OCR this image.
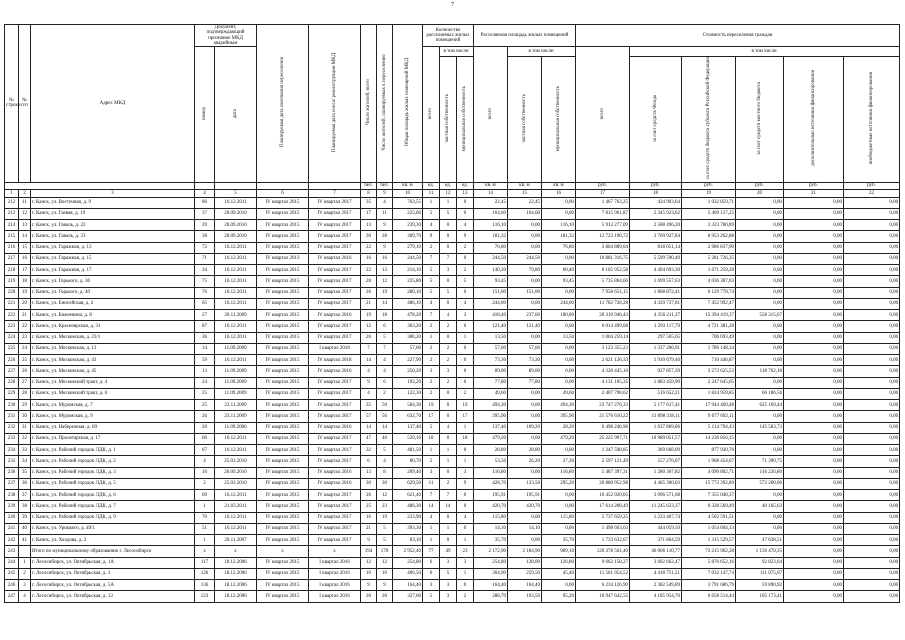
7
№
строки	№ п/п	Адрес МКД	Документ, подтверждающий признание МКД аварийным		Планируемая дата окончания переселения	Планируемая дата сноса/ реконструкции МКД	Число жителей, всего	Число жителей, планируемых к переселению	Общая площадь жилых помещений МКД	Количество расселяемых жилых помещений			Расселяемая площадь жилых помещений			Стоимость переселения граждан					
			номер	дата						всего	в том числе:		всего	в том числе:		всего	в том числе:				
											частная собственность	муниципальная собственность		частная собственность	муниципальная собственность		за счет средств Фонда	за счет средств бюджета субъекта Российской Федерации	за счет средств местного бюджета	дополнительные источники финансирования	внебюджетные источники финансирования
							чел.	чел.	кв. м	ед.	ед.	ед.	кв. м	кв. м	кв. м	руб.	руб.	руб.	руб.	руб.	руб.
1	2	3	4	5	6	7	8	9	10	11	12	13	14	15	16	17	18	19	20	21	22
212	11	г. Канск, ул. Восточная, д. 9	86	16.12.2011	IV квартал 2015	IV квартал 2017	35	4	763,55	1	1	0	22,45	22,45	0,00	1 467 763,25	434 903,64	1 032 859,71	0,00	0,00	0,00
213	12	г. Канск, ул. Гаевая, д. 19	37	20.09.2010	IV квартал 2015	IV квартал 2017	17	11	225,60	5	5	0	164,60	164,60	0,00	7 815 961,87	2 345 923,62	5 469 137,25	0,00	0,00	0,00
214	13	г. Канск, ул. Гаваль, д. 22	39	20.09.2010	IV квартал 2015	IV квартал 2017	13	9	239,30	4	0	4	116,10	0,00	116,10	5 912 277,09	2 588 496,20	3 323 780,89	0,00	0,00	0,00
215	14	г. Канск, ул. Гаваль, д. 33	38	20.09.2010	IV квартал 2015	IV квартал 2017	30	28	309,70	9	0	9	181,32	0,00	181,32	12 723 190,72	3 769 927,84	8 953 262,88	0,00	0,00	0,00
216	15	г. Канск, ул. Гаражная, д. 13	72	16.12.2011	IV квартал 2015	IV квартал 2017	22	9	279,10	2	0	2	76,80	0,00	76,80	3 804 889,04	818 051,14	2 986 837,90	0,00	0,00	0,00
217	16	г. Канск, ул. Гаражная, д. 15	71	16.12.2011	IV квартал 2013	IV квартал 2016	16	16	244,50	7	7	0	244,50	244,50	0,00	10 881 316,75	5 599 590,40	5 281 726,35	0,00	0,00	0,00
218	17	г. Канск, ул. Гаражная, д. 17	34	16.12.2011	IV квартал 2015	IV квартал 2017	22	13	214,10	5	3	2	140,20	79,80	60,40	6 165 952,58	4 494 693,30	1 671 259,28	0,00	0,00	0,00
219	18	г. Канск, ул. Горького, д. 36	75	16.12.2011	IV квартал 2015	IV квартал 2017	28	12	225,80	5	0	5	93,45	0,00	93,45	5 735 864,66	1 699 557,63	4 036 307,03	0,00	0,00	0,00
220	19	г. Канск, ул. Горького, д. 40	76	16.12.2011	IV квартал 2015	IV квартал 2017	26	19	280,10	5	5	0	151,00	151,00	0,00	7 958 651,15	1 808 872,41	6 129 778,74	0,00	0,00	0,00
221	20	г. Канск, ул. Енисейская, д. 2	65	16.12.2011	IV квартал 2015	IV квартал 2017	21	14	486,10	4	0	4	244,00	0,00	244,00	11 782 728,28	4 329 737,81	7 452 992,47	0,00	0,00	0,00
222	21	г. Канск, ул. Бижеевина, д. 8	27	20.11.2009	IV квартал 2015	IV квартал 2016	19	18	478,20	7	4	3	418,40	237,60	180,80	20 310 946,43	4 356 211,37	15 394 419,37	558 315,67	0,00	0,00
223	22	г. Канск, ул. Красноярская, д. 31	87	16.12.2011	IV квартал 2015	IV квартал 2017	12	6	363,20	2	2	0	121,40	121,40	0,00	6 014 499,08	1 293 117,79	4 721 381,28	0,00	0,00	0,00
224	23	г. Канск, ул. Московская, д. 23/1	36	16.12.2011	IV квартал 2015	IV квартал 2017	26	5	388,20	1	0	1	13,50	0,00	13,50	1 004 259,14	297 565,65	706 693,49	0,00	0,00	0,00
225	24	г. Канск, ул. Московская, д. 13	14	11.09.2009	IV квартал 2015	I квартал 2018	7	7	57,60	2	2	0	57,60	57,60	0,00	3 123 355,23	1 337 206,91	1 786 148,34	0,00	0,00	0,00
226	25	г. Канск, ул. Московская, д. 43	59	16.12.2011	IV квартал 2015	IV квартал 2018	14	4	227,90	2	2	0	73,30	73,30	0,00	2 621 126,33	1 910 679,46	710 446,87	0,00	0,00	0,00
227	26	г. Канск, ул. Московская, д. 45	13	11.09.2009	IV квартал 2015	IV квартал 2016	4	4	250,20	3	3	0	89,00	89,00	0,00	4 320 445,10	927 857,39	3 273 625,53	118 762,18	0,00	0,00
228	27	г. Канск, ул. Московский тракт, д. 4	24	11.09.2009	IV квартал 2015	IV квартал 2017	9	6	192,20	2	2	0	77,80	77,80	0,00	4 131 105,35	1 883 459,90	2 247 645,65	0,00	0,00	0,00
229	28	г. Канск, ул. Московский тракт, д. 6	25	11.09.2009	IV квартал 2015	IV квартал 2017	4	2	122,30	2	0	2	49,60	0,00	49,60	2 407 798,62	516 652,21	1 824 959,85	66 186,56	0,00	0,00
230	29	г. Канск, ул. Муромская, д. 7	25	23.11.2009	IV квартал 2015	IV квартал 2017	35	50	584,30	19	0	19	494,30	0,00	494,30	23 747 276,33	5 177 637,41	17 944 469,48	625 169,44	0,00	0,00
231	30	г. Канск, ул. Муромская, д. 9	26	23.11.2009	IV квартал 2015	IV квартал 2017	57	56	632,70	17	0	17	395,90	0,00	395,90	21 576 610,22	11 898 318,11	9 677 692,11	0,00	0,00	0,00
232	31	г. Канск, ул. Набережная, д. 69	20	11.09.2006	IV квартал 2015	IV квартал 2016	14	14	137,40	5	4	1	137,40	109,20	28,20	6 498 246,96	1 637 869,86	5 114 794,43	145 583,73	0,00	0,00
233	32	г. Канск, ул. Пролетарская, д. 17	60	16.12.2011	IV квартал 2015	IV квартал 2017	47	40	539,10	18	0	18	479,20	0,00	479,20	25 225 907,71	10 989 051,57	14 236 856,15	0,00	0,00	0,00
234	33	г. Канск, ул. Рабочий городок ЛДК, д. 1	67	16.12.2011	IV квартал 2015	IV квартал 2017	32	5	481,50	1	1	0	28,80	28,80	0,00	1 247 598,85	369 668,09	877 930,76	0,00	0,00	0,00
235	34	г. Канск, ул. Рабочий городок ЛДК, д. 2	4	25.03.2010	IV квартал 2015	IV квартал 2017	6	4	80,70	2	1	1	53,56	26,20	27,36	2 597 121,49	557 276,07	1 968 454,67	71 390,75	0,00	0,00
236	35	г. Канск, ул. Рабочий городок ЛДК, д. 3	16	20.09.2010	IV квартал 2015	IV квартал 2016	13	8	209,40	3	0	3	116,80	0,00	116,80	5 487 397,31	1 280 367,82	4 090 802,71	116 226,80	0,00	0,00
237	36	г. Канск, ул. Рабочий городок ЛДК, д. 5	2	25.03.2010	IV квартал 2015	IV квартал 2016	30	30	629,50	11	2	9	428,70	133,50	295,20	20 880 952,98	4 465 300,03	15 773 392,89	572 260,06	0,00	0,00
238	37	г. Канск, ул. Рабочий городок ЛДК, д. 6	69	16.12.2011	IV квартал 2015	IV квартал 2017	26	12	621,40	7	7	0	195,91	195,91	0,00	10 452 020,05	3 096 571,68	7 355 048,37	0,00	0,00	0,00
239	38	г. Канск, ул. Рабочий городок ЛДК, д. 7	1	21.03.2011	IV квартал 2015	IV квартал 2017	25	23	486,30	14	14	0	420,70	420,70	0,00	17 614 288,49	11 245 633,37	6 328 569,49	40 165,63	0,00	0,00
240	39	г. Канск, ул. Рабочий городок ЛДК, д. 9	70	16.12.2011	IV квартал 2015	IV квартал 2017	16	19	233,90	4	0	4	115,80	0,00	115,80	5 737 659,25	1 233 467,74	4 502 591,51	0,00	0,00	0,00
241	40	г. Канск, ул. Урицкого, д. 49/1	51	16.12.2011	IV квартал 2015	IV квартал 2017	21	5	393,30	1	1	0	14,10	14,10	0,00	1 498 663,63	444 059,50	1 054 604,13	0,00	0,00	0,00
242	41	г. Канск, ул. Холдова, д. 2	1	20.11.2007	IV квартал 2015	IV квартал 2017	9	5	83,10	1	0	1	35,70	0,00	35,70	1 733 632,67	371 864,59	1 315 529,57	47 638,51	0,00	0,00
243		Итого по муниципальному образованию г. Лесосибирск	x	x	x	x	194	170	2 952,40	77	49	23	2 172,90	2 184,90	989,10	120 378 561,40	46 006 110,77	73 215 962,28	1 156 470,35	0,00	0,00
244	1	г. Лесосибирск, ул. Октябрьская, д. 1А	117	18.12.2006	IV квартал 2015	I квартал 2016	12	12	254,80	6	3	3	254,80	128,00	126,80	9 662 158,27	3 602 662,47	5 876 652,16	92 823,64	0,00	0,00
245	2	г. Лесосибирск, ул. Октябрьская, д. 3	126	18.12.2006	IV квартал 2015	I квартал 2016	10	10	406,50	6	5	1	304,90	259,50	45,40	11 561 954,52	4 418 751,51	7 032 147,74	111 075,07	0,00	0,00
246	3	г. Лесосибирск, ул. Октябрьская, д. 5А	136	18.12.2006	IV квартал 2015	I квартал 2016	9	9	164,40	3	3	0	164,40	164,40	0,00	6 234 126,90	2 382 549,89	3 791 686,79	59 890,92	0,00	0,00
247	4	г. Лесосибирск, ул. Октябрьская, д. 13	123	18.12.2006	IV квартал 2015	I квартал 2016	20	20	327,60	5	3	2	288,70	193,50	95,20	10 947 642,55	4 185 954,70	6 658 514,44	105 173,41	0,00	0,00
